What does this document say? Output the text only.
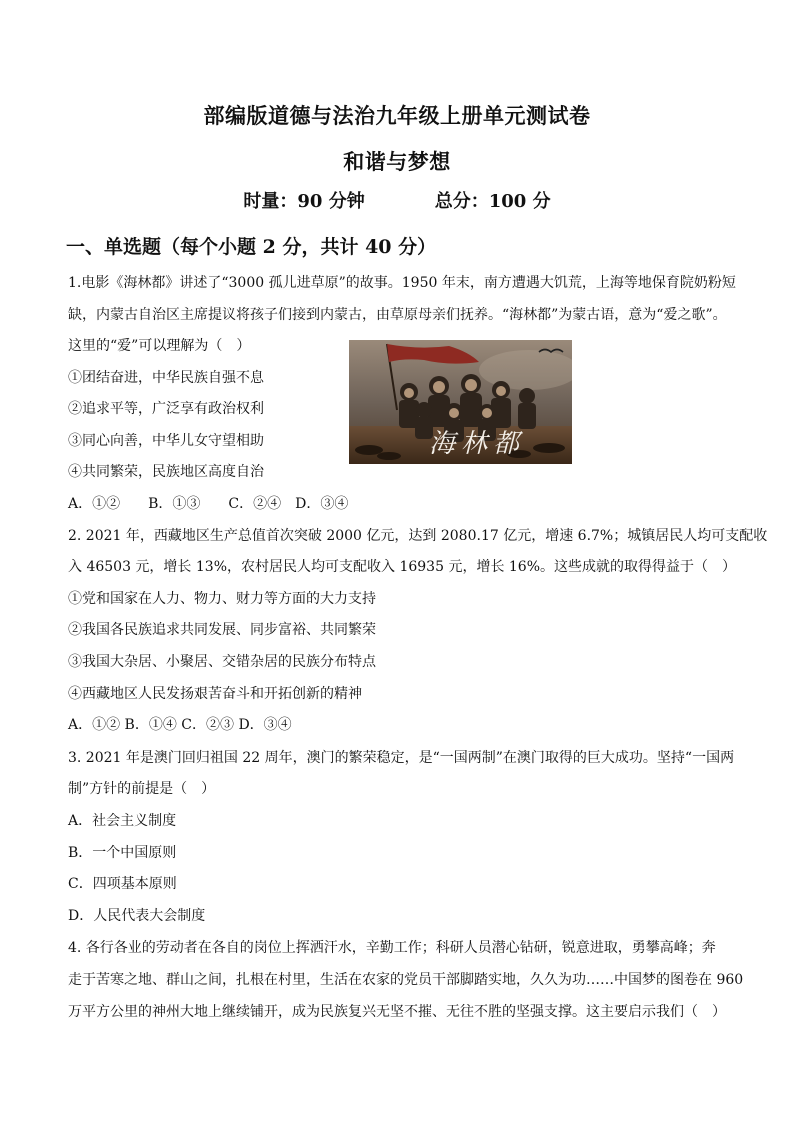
部编版道德与法治九年级上册单元测试卷
和谐与梦想
时量：90 分钟	总分：100 分
一、单选题（每个小题 2 分，共计 40 分）
1.电影《海林都》讲述了“3000 孤儿进草原”的故事。1950 年末，南方遭遇大饥荒，上海等地保育院奶粉短
缺，内蒙古自治区主席提议将孩子们接到内蒙古，由草原母亲们抚养。“海林都”为蒙古语，意为“爱之歌”。
这里的“爱”可以理解为（　）
①团结奋进，中华民族自强不息
②追求平等，广泛享有政治权利
③同心向善，中华儿女守望相助
④共同繁荣，民族地区高度自治
A．①②　　B．①③　　C．②④　D．③④
2. 2021 年，西藏地区生产总值首次突破 2000 亿元，达到 2080.17 亿元，增速 6.7%；城镇居民人均可支配收
入 46503 元，增长 13%，农村居民人均可支配收入 16935 元，增长 16%。这些成就的取得得益于（　）
①党和国家在人力、物力、财力等方面的大力支持
②我国各民族追求共同发展、同步富裕、共同繁荣
③我国大杂居、小聚居、交错杂居的民族分布特点
④西藏地区人民发扬艰苦奋斗和开拓创新的精神
A．①② B．①④ C．②③ D．③④
3. 2021 年是澳门回归祖国 22 周年，澳门的繁荣稳定，是“一国两制”在澳门取得的巨大成功。坚持“一国两
制”方针的前提是（　）
A．社会主义制度
B．一个中国原则
C．四项基本原则
D．人民代表大会制度
4. 各行各业的劳动者在各自的岗位上挥洒汗水，辛勤工作；科研人员潜心钻研，锐意进取，勇攀高峰；奔
走于苦寒之地、群山之间，扎根在村里，生活在农家的党员干部脚踏实地，久久为功……中国梦的图卷在 960
万平方公里的神州大地上继续铺开，成为民族复兴无坚不摧、无往不胜的坚强支撑。这主要启示我们（　）
海林都
